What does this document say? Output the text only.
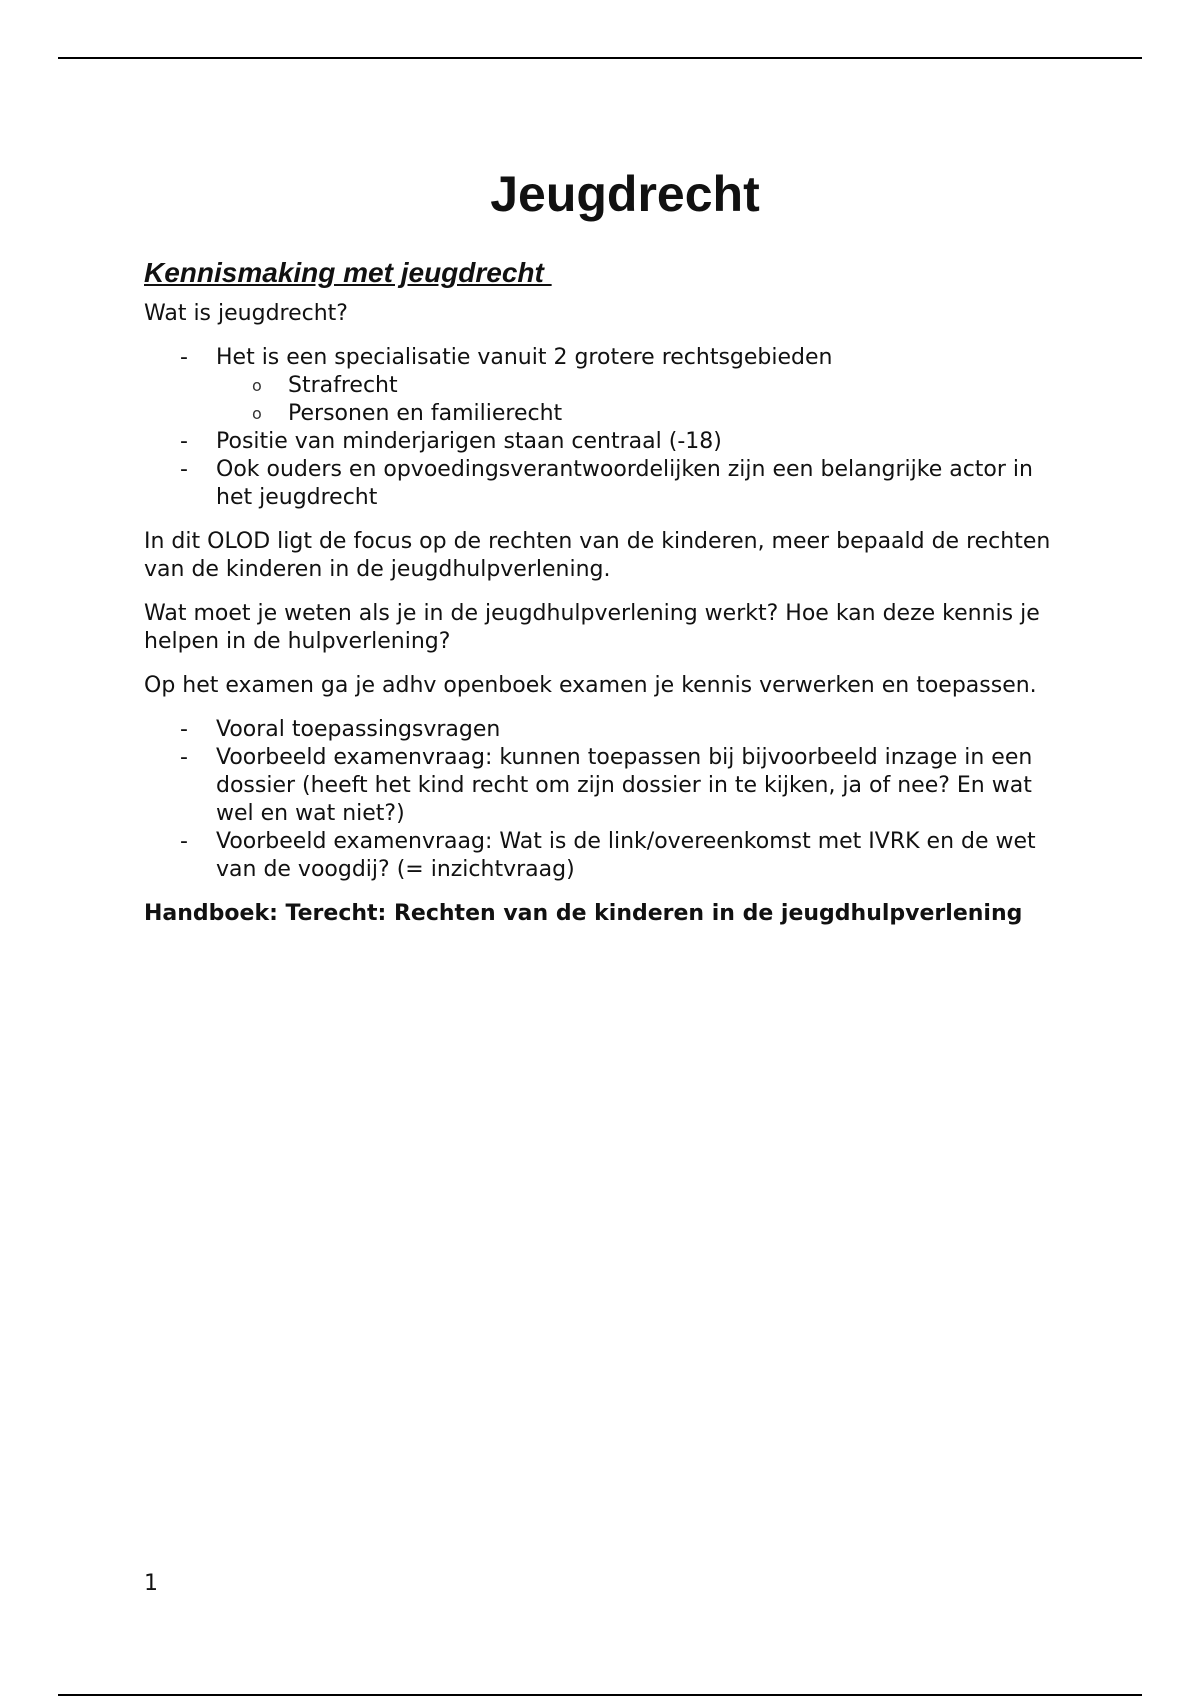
Jeugdrecht
Kennismaking met jeugdrecht

Wat is jeugdrecht?

- Het is een specialisatie vanuit 2 grotere rechtsgebieden
o Strafrecht
o Personen en familierecht
- Positie van minderjarigen staan centraal (-18)
- Ook ouders en opvoedingsverantwoordelijken zijn een belangrijke actor in het jeugdrecht

In dit OLOD ligt de focus op de rechten van de kinderen, meer bepaald de rechten van de kinderen in de jeugdhulpverlening.

Wat moet je weten als je in de jeugdhulpverlening werkt? Hoe kan deze kennis je helpen in de hulpverlening?

Op het examen ga je adhv openboek examen je kennis verwerken en toepassen.

- Vooral toepassingsvragen
- Voorbeeld examenvraag: kunnen toepassen bij bijvoorbeeld inzage in een dossier (heeft het kind recht om zijn dossier in te kijken, ja of nee? En wat wel en wat niet?)
- Voorbeeld examenvraag: Wat is de link/overeenkomst met IVRK en de wet van de voogdij? (= inzichtvraag)

Handboek: Terecht: Rechten van de kinderen in de jeugdhulpverlening

1
